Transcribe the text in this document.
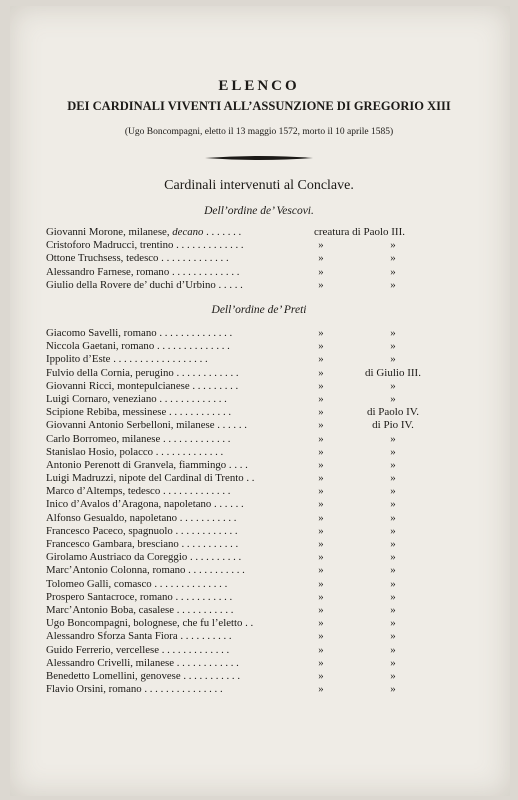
ELENCO
DEI CARDINALI VIVENTI ALL’ASSUNZIONE DI GREGORIO XIII
(Ugo Boncompagni, eletto il 13 maggio 1572, morto il 10 aprile 1585)
Cardinali intervenuti al Conclave.
Dell’ordine de’ Vescovi.
Giovanni Morone, milanese, decano . . . . . . .	creatura di Paolo III.
Cristoforo Madrucci, trentino . . . . . . . . . . . . .	»	»
Ottone Truchsess, tedesco . . . . . . . . . . . . .	»	»
Alessandro Farnese, romano . . . . . . . . . . . . .	»	»
Giulio della Rovere de’ duchi d’Urbino . . . . .	»	»
Dell’ordine de’ Preti
Giacomo Savelli, romano . . . . . . . . . . . . . .	»	»
Niccola Gaetani, romano . . . . . . . . . . . . . .	»	»
Ippolito d’Este . . . . . . . . . . . . . . . . . .	»	»
Fulvio della Cornia, perugino . . . . . . . . . . . .	»	di Giulio III.
Giovanni Ricci, montepulcianese . . . . . . . . .	»	»
Luigi Cornaro, veneziano . . . . . . . . . . . . .	»	»
Scipione Rebiba, messinese . . . . . . . . . . . .	»	di Paolo IV.
Giovanni Antonio Serbelloni, milanese . . . . . .	»	di Pio IV.
Carlo Borromeo, milanese . . . . . . . . . . . . .	»	»
Stanislao Hosio, polacco . . . . . . . . . . . . .	»	»
Antonio Perenott di Granvela, fiammingo . . . .	»	»
Luigi Madruzzi, nipote del Cardinal di Trento . .	»	»
Marco d’Altemps, tedesco . . . . . . . . . . . . .	»	»
Inico d’Avalos d’Aragona, napoletano . . . . . .	»	»
Alfonso Gesualdo, napoletano . . . . . . . . . . .	»	»
Francesco Paceco, spagnuolo . . . . . . . . . . . .	»	»
Francesco Gambara, bresciano . . . . . . . . . . .	»	»
Girolamo Austriaco da Coreggio . . . . . . . . . .	»	»
Marc’Antonio Colonna, romano . . . . . . . . . . .	»	»
Tolomeo Galli, comasco . . . . . . . . . . . . . .	»	»
Prospero Santacroce, romano . . . . . . . . . . .	»	»
Marc’Antonio Boba, casalese . . . . . . . . . . .	»	»
Ugo Boncompagni, bolognese, che fu l’eletto . .	»	»
Alessandro Sforza Santa Fiora . . . . . . . . . .	»	»
Guido Ferrerio, vercellese . . . . . . . . . . . . .	»	»
Alessandro Crivelli, milanese . . . . . . . . . . . .	»	»
Benedetto Lomellini, genovese . . . . . . . . . . .	»	»
Flavio Orsini, romano . . . . . . . . . . . . . . .	»	»
